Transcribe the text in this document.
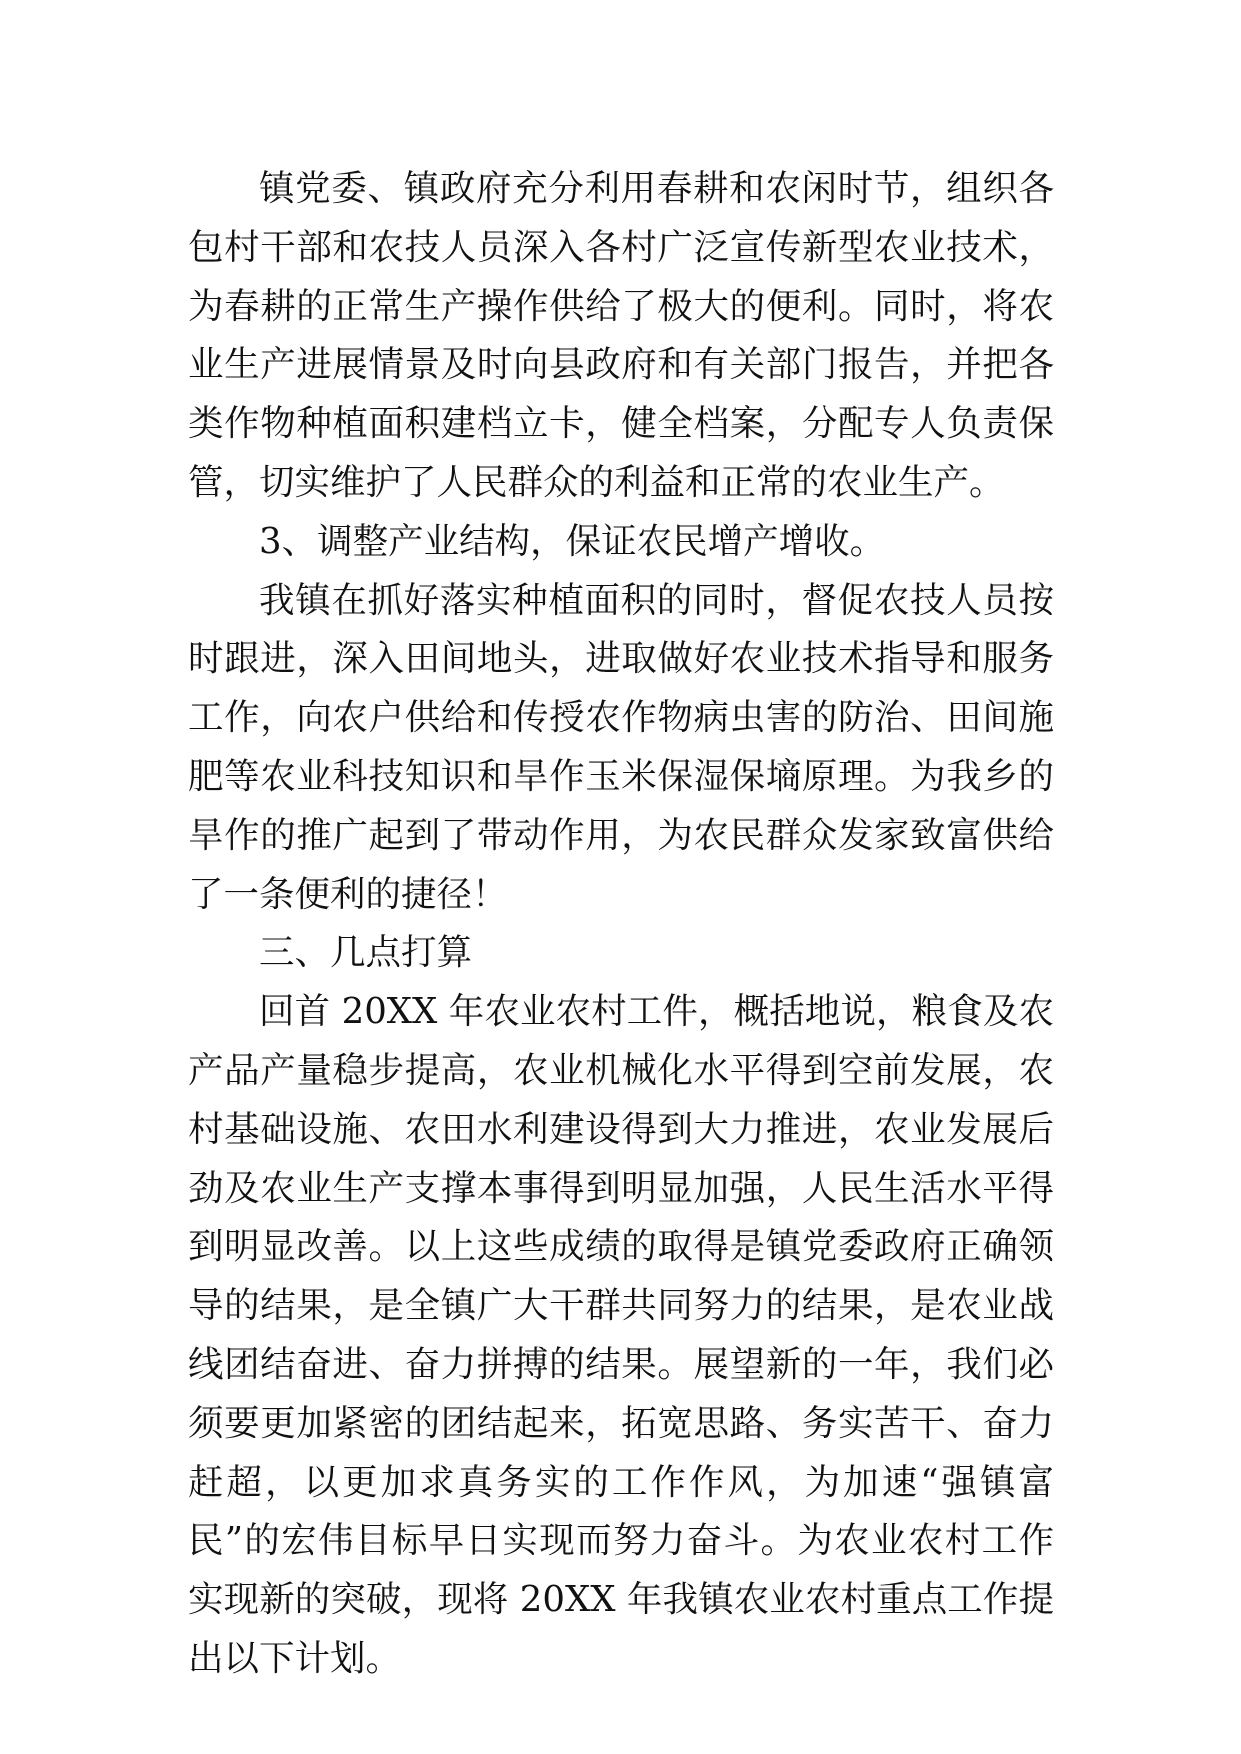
镇党委、镇政府充分利用春耕和农闲时节，组织各包村干部和农技人员深入各村广泛宣传新型农业技术，为春耕的正常生产操作供给了极大的便利。同时，将农业生产进展情景及时向县政府和有关部门报告，并把各类作物种植面积建档立卡，健全档案，分配专人负责保管，切实维护了人民群众的利益和正常的农业生产。

3、调整产业结构，保证农民增产增收。

我镇在抓好落实种植面积的同时，督促农技人员按时跟进，深入田间地头，进取做好农业技术指导和服务工作，向农户供给和传授农作物病虫害的防治、田间施肥等农业科技知识和旱作玉米保湿保墒原理。为我乡的旱作的推广起到了带动作用，为农民群众发家致富供给了一条便利的捷径！

三、几点打算

回首 20XX 年农业农村工件，概括地说，粮食及农产品产量稳步提高，农业机械化水平得到空前发展，农村基础设施、农田水利建设得到大力推进，农业发展后劲及农业生产支撑本事得到明显加强，人民生活水平得到明显改善。以上这些成绩的取得是镇党委政府正确领导的结果，是全镇广大干群共同努力的结果，是农业战线团结奋进、奋力拼搏的结果。展望新的一年，我们必须要更加紧密的团结起来，拓宽思路、务实苦干、奋力赶超，以更加求真务实的工作作风，为加速“强镇富民”的宏伟目标早日实现而努力奋斗。为农业农村工作实现新的突破，现将 20XX 年我镇农业农村重点工作提出以下计划。
